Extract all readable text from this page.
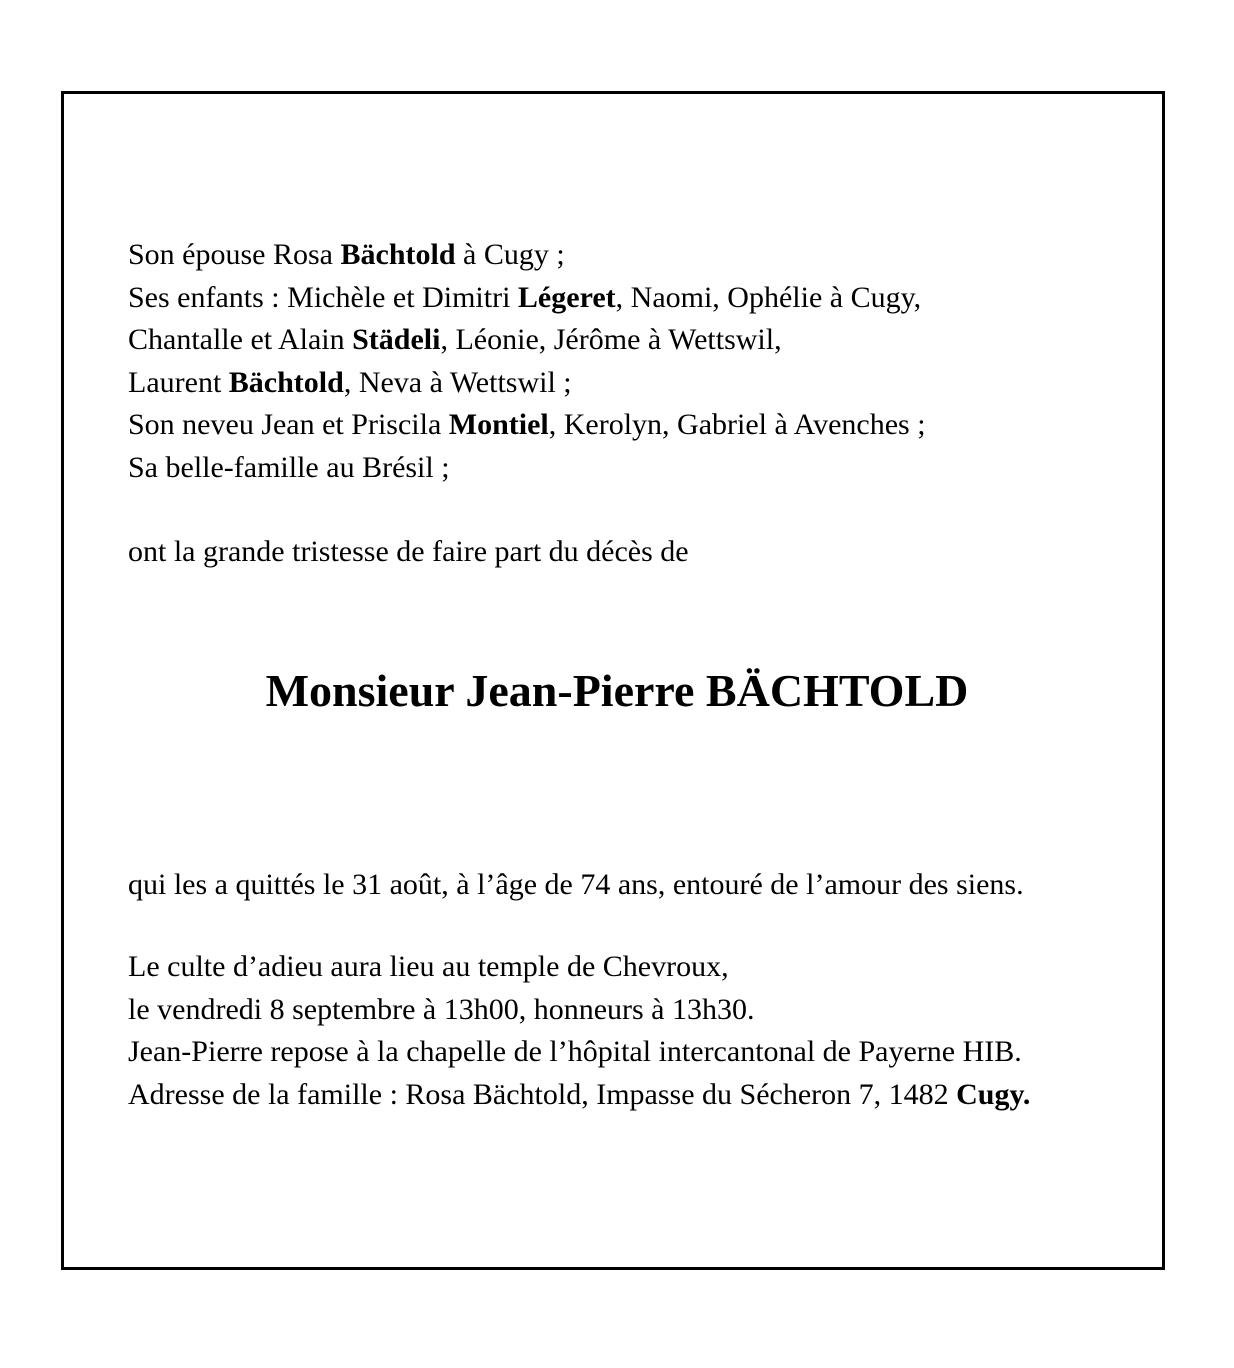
Son épouse Rosa Bächtold à Cugy ;
Ses enfants : Michèle et Dimitri Légeret, Naomi, Ophélie à Cugy,
Chantalle et Alain Städeli, Léonie, Jérôme à Wettswil,
Laurent Bächtold, Neva à Wettswil ;
Son neveu Jean et Priscila Montiel, Kerolyn, Gabriel à Avenches ;
Sa belle-famille au Brésil ;
ont la grande tristesse de faire part du décès de
Monsieur Jean-Pierre BÄCHTOLD
qui les a quittés le 31 août, à l’âge de 74 ans, entouré de l’amour des siens.
Le culte d’adieu aura lieu au temple de Chevroux,
le vendredi 8 septembre à 13h00, honneurs à 13h30.
Jean-Pierre repose à la chapelle de l’hôpital intercantonal de Payerne HIB.
Adresse de la famille : Rosa Bächtold, Impasse du Sécheron 7, 1482 Cugy.
